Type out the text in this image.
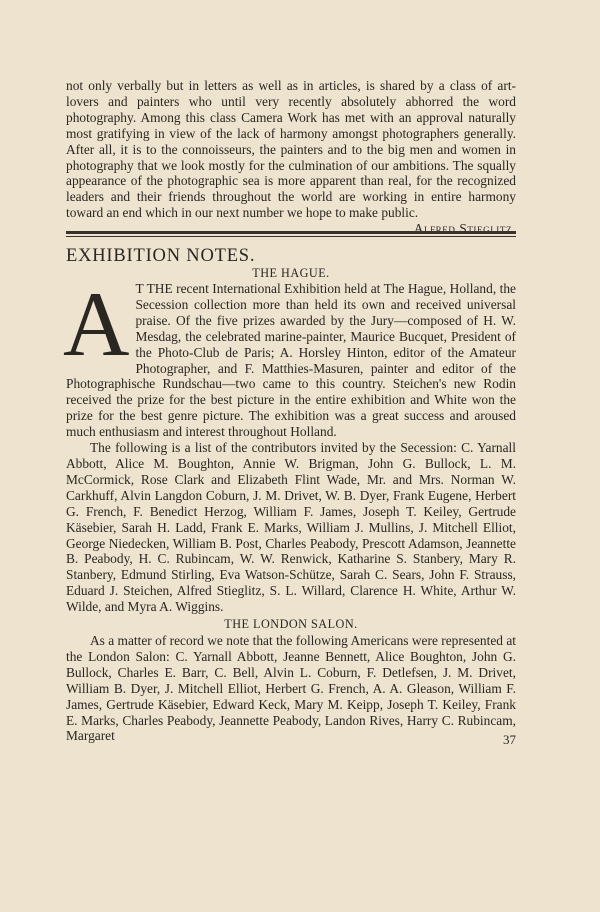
not only verbally but in letters as well as in articles, is shared by a class of art-lovers and painters who until very recently absolutely abhorred the word photography. Among this class Camera Work has met with an approval naturally most gratifying in view of the lack of harmony amongst photographers generally. After all, it is to the connoisseurs, the painters and to the big men and women in photography that we look mostly for the culmination of our ambitions. The squally appearance of the photographic sea is more apparent than real, for the recognized leaders and their friends throughout the world are working in entire harmony toward an end which in our next number we hope to make public.
Alfred Stieglitz.
EXHIBITION NOTES.
THE HAGUE.
A T THE recent International Exhibition held at The Hague, Holland, the Secession collection more than held its own and received universal praise. Of the five prizes awarded by the Jury—composed of H. W. Mesdag, the celebrated marine-painter, Maurice Bucquet, President of the Photo-Club de Paris; A. Horsley Hinton, editor of the Amateur Photographer, and F. Matthies-Masuren, painter and editor of the Photographische Rundschau—two came to this country. Steichen's new Rodin received the prize for the best picture in the entire exhibition and White won the prize for the best genre picture. The exhibition was a great success and aroused much enthusiasm and interest throughout Holland.
The following is a list of the contributors invited by the Secession: C. Yarnall Abbott, Alice M. Boughton, Annie W. Brigman, John G. Bullock, L. M. McCormick, Rose Clark and Elizabeth Flint Wade, Mr. and Mrs. Norman W. Carkhuff, Alvin Langdon Coburn, J. M. Drivet, W. B. Dyer, Frank Eugene, Herbert G. French, F. Benedict Herzog, William F. James, Joseph T. Keiley, Gertrude Käsebier, Sarah H. Ladd, Frank E. Marks, William J. Mullins, J. Mitchell Elliot, George Niedecken, William B. Post, Charles Peabody, Prescott Adamson, Jeannette B. Peabody, H. C. Rubincam, W. W. Renwick, Katharine S. Stanbery, Mary R. Stanbery, Edmund Stirling, Eva Watson-Schütze, Sarah C. Sears, John F. Strauss, Eduard J. Steichen, Alfred Stieglitz, S. L. Willard, Clarence H. White, Arthur W. Wilde, and Myra A. Wiggins.
THE LONDON SALON.
As a matter of record we note that the following Americans were represented at the London Salon: C. Yarnall Abbott, Jeanne Bennett, Alice Boughton, John G. Bullock, Charles E. Barr, C. Bell, Alvin L. Coburn, F. Detlefsen, J. M. Drivet, William B. Dyer, J. Mitchell Elliot, Herbert G. French, A. A. Gleason, William F. James, Gertrude Käsebier, Edward Keck, Mary M. Keipp, Joseph T. Keiley, Frank E. Marks, Charles Peabody, Jeannette Peabody, Landon Rives, Harry C. Rubincam, Margaret	37
